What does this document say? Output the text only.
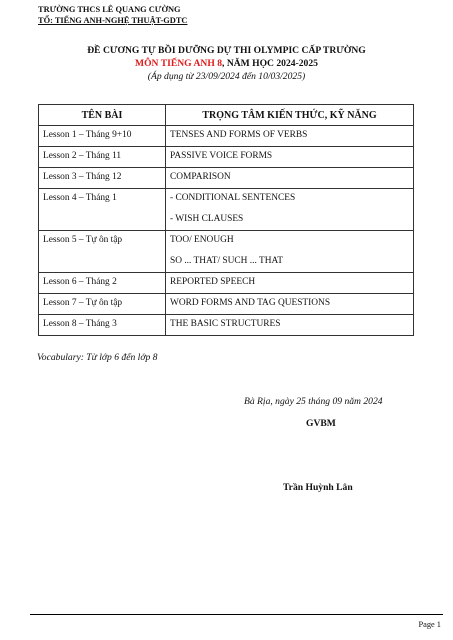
TRƯỜNG THCS LÊ QUANG CƯỜNG
TỔ: TIẾNG ANH-NGHỆ THUẬT-GDTC
ĐỀ CƯƠNG TỰ BỒI DƯỠNG DỰ THI OLYMPIC CẤP TRƯỜNG
MÔN TIẾNG ANH 8, NĂM HỌC 2024-2025
(Áp dụng từ 23/09/2024 đến 10/03/2025)
TÊN BÀI	TRỌNG TÂM KIẾN THỨC, KỸ NĂNG
Lesson 1 – Tháng 9+10	TENSES AND FORMS OF VERBS

Lesson 2 – Tháng 11	PASSIVE VOICE FORMS

Lesson 3 – Tháng 12	COMPARISON

Lesson 4 – Tháng 1	- CONDITIONAL SENTENCES
- WISH CLAUSES

Lesson 5 – Tự ôn tập	TOO/ ENOUGH
SO ... THAT/ SUCH ... THAT

Lesson 6 – Tháng 2	REPORTED SPEECH

Lesson 7 – Tự ôn tập	WORD FORMS AND TAG QUESTIONS

Lesson 8 – Tháng 3	THE BASIC STRUCTURES
Vocabulary: Từ lớp 6 đến lớp 8
Bà Rịa, ngày 25 tháng 09 năm 2024
GVBM
Trần Huỳnh Lân
Page 1
